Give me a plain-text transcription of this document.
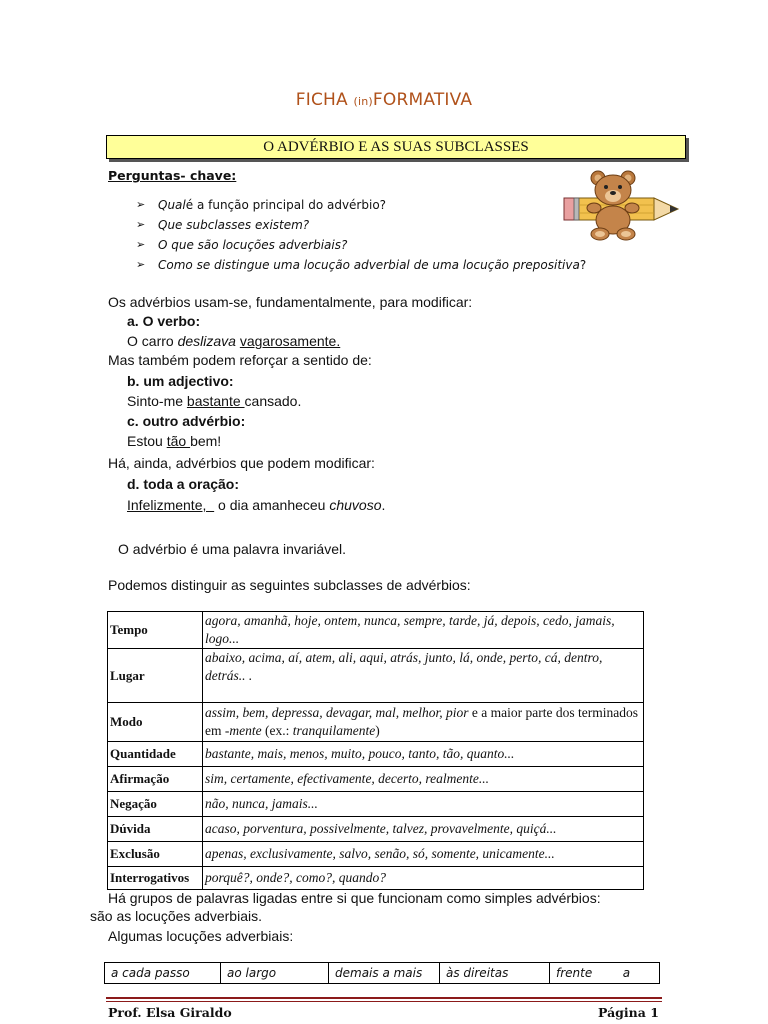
FICHA (in)FORMATIVA
O ADVÉRBIO E AS SUAS SUBCLASSES
Perguntas- chave:
➢	Qual é a função principal do advérbio?
➢	Que subclasses existem?
➢	O que são locuções adverbiais?
➢	Como se distingue uma locução adverbial de uma locução prepositiva ?
Os advérbios usam-se, fundamentalmente, para modificar:
a. O verbo:
O carro deslizava vagarosamente.
Mas também podem reforçar a sentido de:
b. um adjectivo:
Sinto-me bastante cansado.
c. outro advérbio:
Estou tão bem!
Há, ainda, advérbios que podem modificar:
d. toda a oração:
Infelizmente,   o dia amanheceu chuvoso.
O advérbio é uma palavra invariável.
Podemos distinguir as seguintes subclasses de advérbios:
Tempo	agora, amanhã, hoje, ontem, nunca, sempre, tarde, já, depois, cedo, jamais, logo...
Lugar	abaixo, acima, aí, atem, ali, aqui, atrás, junto, lá, onde, perto, cá, dentro, detrás.. .
Modo	assim, bem, depressa, devagar, mal, melhor, pior e a maior parte dos terminados em -mente (ex.: tranquilamente)
Quantidade	bastante, mais, menos, muito, pouco, tanto, tão, quanto...
Afirmação	sim, certamente, efectivamente, decerto, realmente...
Negação	não, nunca, jamais...
Dúvida	acaso, porventura, possivelmente, talvez, provavelmente, quiçá...
Exclusão	apenas, exclusivamente, salvo, senão, só, somente, unicamente...
Interrogativos	porquê?, onde?, como?, quando?
Há grupos de palavras ligadas entre si que funcionam como simples advérbios:
são as locuções adverbiais.
Algumas locuções adverbiais:
a cada passo	ao largo	demais a mais	às direitas	frente        a
Prof. Elsa Giraldo	Página 1
